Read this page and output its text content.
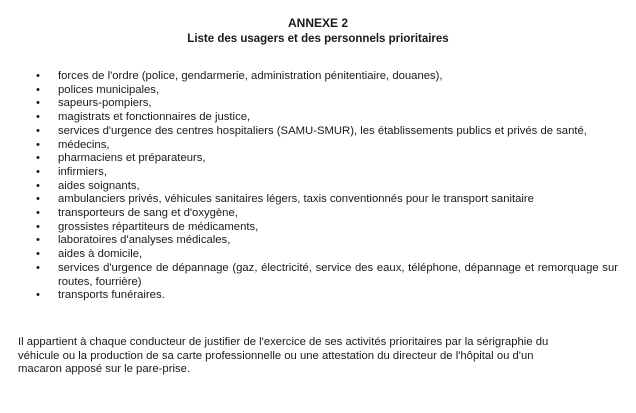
ANNEXE 2
Liste des usagers et des personnels prioritaires
•	forces de l'ordre (police, gendarmerie, administration pénitentiaire, douanes),
•	polices municipales,
•	sapeurs-pompiers,
•	magistrats et fonctionnaires de justice,
•	services d'urgence des centres hospitaliers (SAMU-SMUR), les établissements publics et privés de santé,
•	médecins,
•	pharmaciens et préparateurs,
•	infirmiers,
•	aides soignants,
•	ambulanciers privés, véhicules sanitaires légers, taxis conventionnés pour le transport sanitaire
•	transporteurs de sang et d'oxygène,
•	grossistes répartiteurs de médicaments,
•	laboratoires d'analyses médicales,
•	aides à domicile,
•	services d'urgence de dépannage (gaz, électricité, service des eaux, téléphone, dépannage et remorquage sur routes, fourrière)
•	transports funéraires.

Il appartient à chaque conducteur de justifier de l'exercice de ses activités prioritaires par la sérigraphie du
véhicule ou la production de sa carte professionnelle ou une attestation du directeur de l'hôpital ou d'un
macaron apposé sur le pare-prise.
